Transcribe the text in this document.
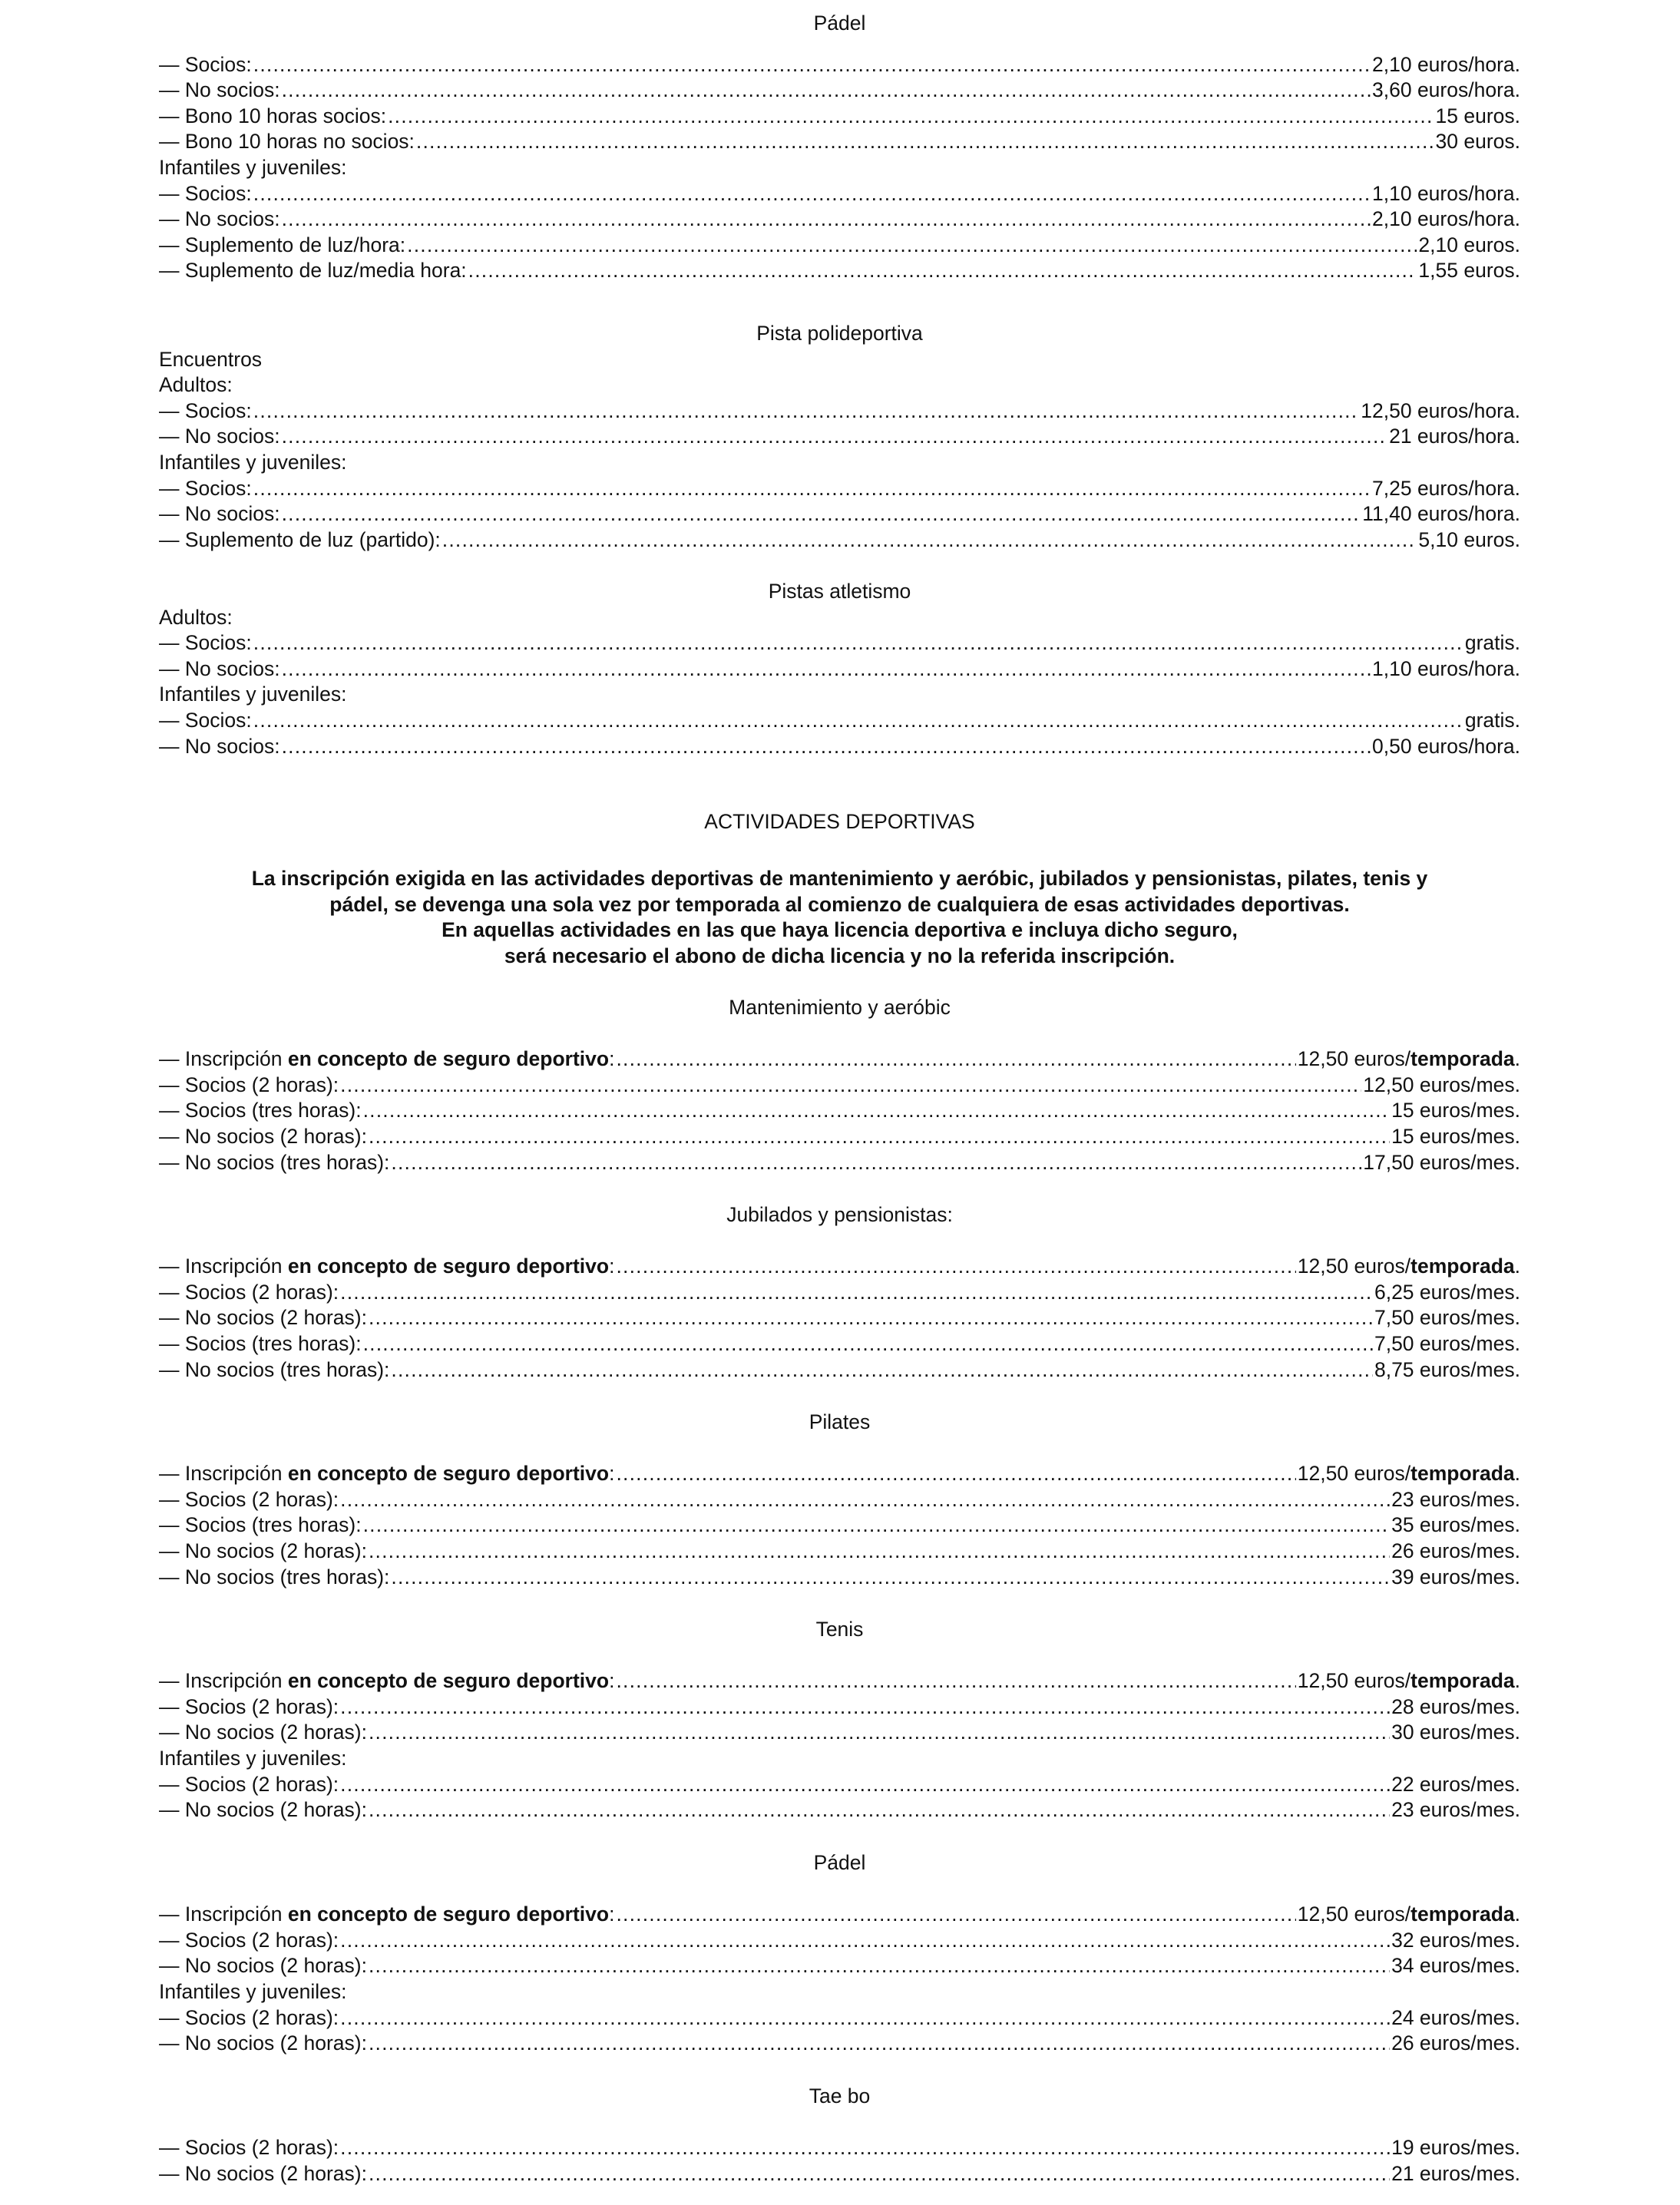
Pádel
— Socios: .....	2,10 euros/hora.
— No socios: .....	3,60 euros/hora.
— Bono 10 horas socios: .....	15 euros.
— Bono 10 horas no socios: .....	30 euros.
Infantiles y juveniles:
— Socios: .....	1,10 euros/hora.
— No socios: .....	2,10 euros/hora.
— Suplemento de luz/hora: .....	2,10 euros.
— Suplemento de luz/media hora: .....	1,55 euros.
Pista polideportiva
Encuentros
Adultos:
— Socios: .....	12,50 euros/hora.
— No socios: .....	21 euros/hora.
Infantiles y juveniles:
— Socios: .....	7,25 euros/hora.
— No socios: .....	11,40 euros/hora.
— Suplemento de luz (partido): .....	5,10 euros.
Pistas atletismo
Adultos:
— Socios: .....	gratis.
— No socios: .....	1,10 euros/hora.
Infantiles y juveniles:
— Socios: .....	gratis.
— No socios: .....	0,50 euros/hora.
ACTIVIDADES DEPORTIVAS
La inscripción exigida en las actividades deportivas de mantenimiento y aeróbic, jubilados y pensionistas, pilates, tenis y
pádel, se devenga una sola vez por temporada al comienzo de cualquiera de esas actividades deportivas.
En aquellas actividades en las que haya licencia deportiva e incluya dicho seguro,
será necesario el abono de dicha licencia y no la referida inscripción.
Mantenimiento y aeróbic
— Inscripción en concepto de seguro deportivo: .....	12,50 euros/temporada.
— Socios (2 horas): .....	12,50 euros/mes.
— Socios (tres horas): .....	15 euros/mes.
— No socios (2 horas): .....	15 euros/mes.
— No socios (tres horas): .....	17,50 euros/mes.
Jubilados y pensionistas:
— Inscripción en concepto de seguro deportivo: .....	12,50 euros/temporada.
— Socios (2 horas): .....	6,25 euros/mes.
— No socios (2 horas): .....	7,50 euros/mes.
— Socios (tres horas): .....	7,50 euros/mes.
— No socios (tres horas): .....	8,75 euros/mes.
Pilates
— Inscripción en concepto de seguro deportivo: .....	12,50 euros/temporada.
— Socios (2 horas): .....	23 euros/mes.
— Socios (tres horas): .....	35 euros/mes.
— No socios (2 horas): .....	26 euros/mes.
— No socios (tres horas): .....	39 euros/mes.
Tenis
— Inscripción en concepto de seguro deportivo: .....	12,50 euros/temporada.
— Socios (2 horas): .....	28 euros/mes.
— No socios (2 horas): .....	30 euros/mes.
Infantiles y juveniles:
— Socios (2 horas): .....	22 euros/mes.
— No socios (2 horas): .....	23 euros/mes.
Pádel
— Inscripción en concepto de seguro deportivo: .....	12,50 euros/temporada.
— Socios (2 horas): .....	32 euros/mes.
— No socios (2 horas): .....	34 euros/mes.
Infantiles y juveniles:
— Socios (2 horas): .....	24 euros/mes.
— No socios (2 horas): .....	26 euros/mes.
Tae bo
— Socios (2 horas): .....	19 euros/mes.
— No socios (2 horas): .....	21 euros/mes.
